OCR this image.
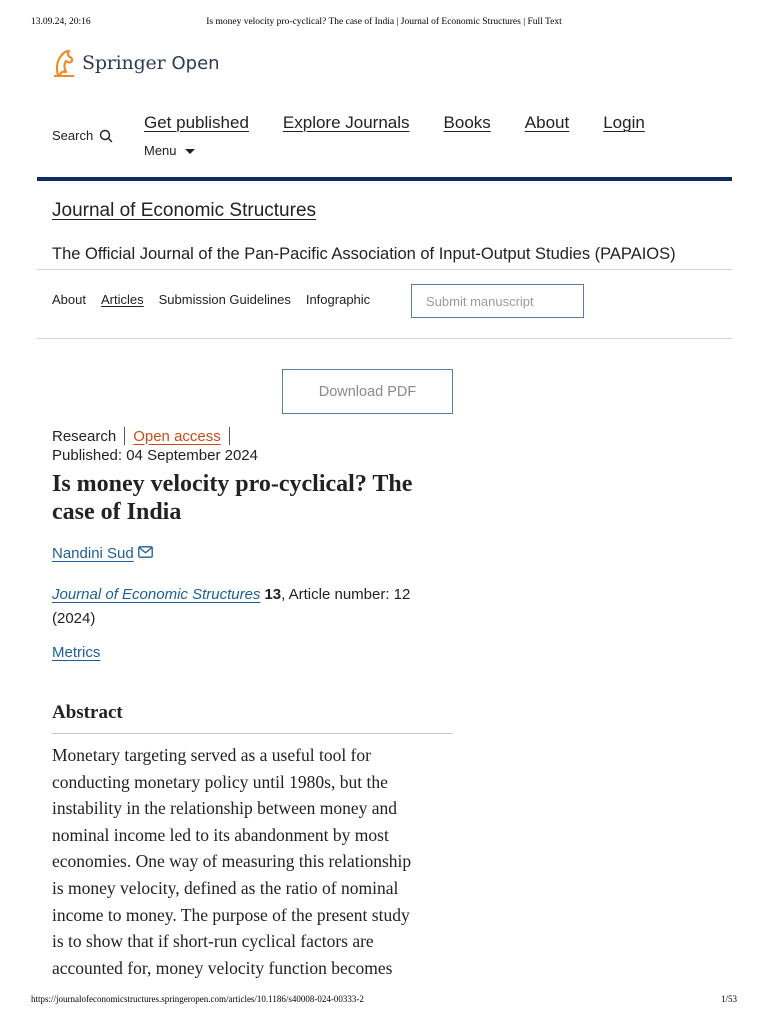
13.09.24, 20:16	Is money velocity pro-cyclical? The case of India | Journal of Economic Structures | Full Text
Springer Open
Search
Get published Explore Journals Books About Login
Menu
Journal of Economic Structures
The Official Journal of the Pan-Pacific Association of Input-Output Studies (PAPAIOS)
About Articles Submission Guidelines Infographic	Submit manuscript
Download PDF
Research Open access
Published: 04 September 2024
Is money velocity pro-cyclical? The case of India
Nandini Sud
Journal of Economic Structures 13, Article number: 12 (2024)
Metrics
Abstract

Monetary targeting served as a useful tool for
conducting monetary policy until 1980s, but the
instability in the relationship between money and
nominal income led to its abandonment by most
economies. One way of measuring this relationship
is money velocity, defined as the ratio of nominal
income to money. The purpose of the present study
is to show that if short-run cyclical factors are
accounted for, money velocity function becomes

https://journalofeconomicstructures.springeropen.com/articles/10.1186/s40008-024-00333-2	1/53
